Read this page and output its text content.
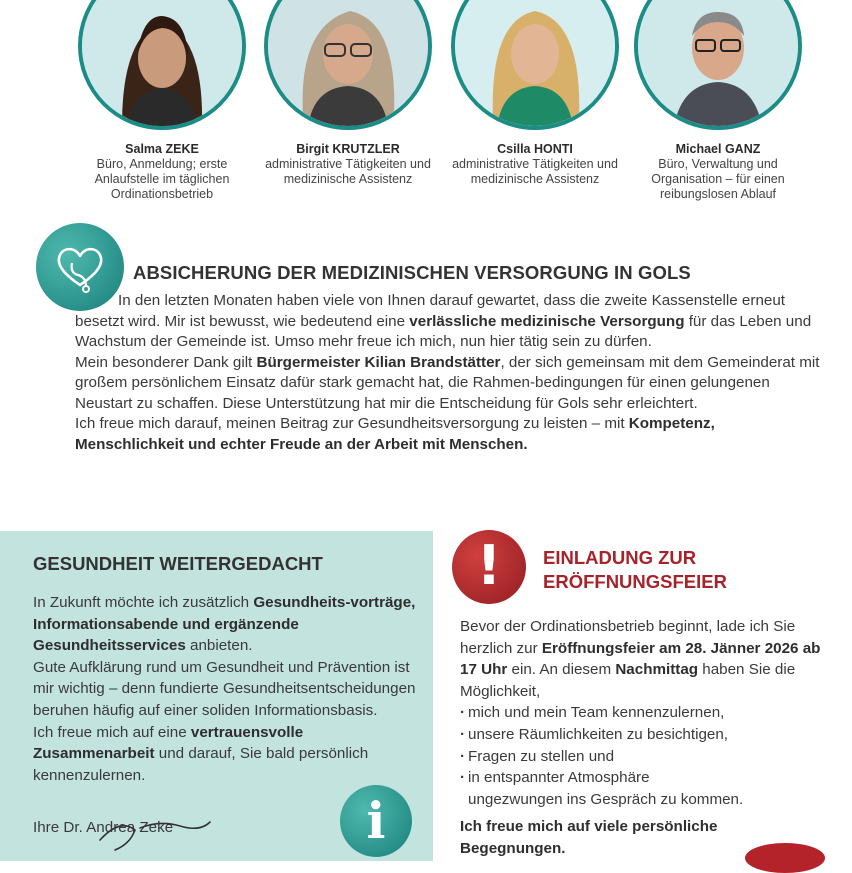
Salma ZEKE
Büro, Anmeldung; erste Anlaufstelle im täglichen Ordinationsbetrieb
Birgit KRUTZLER
administrative Tätigkeiten und medizinische Assistenz
Csilla HONTI
administrative Tätigkeiten und medizinische Assistenz
Michael GANZ
Büro, Verwaltung und Organisation – für einen reibungslosen Ablauf
ABSICHERUNG DER MEDIZINISCHEN VERSORGUNG IN GOLS

In den letzten Monaten haben viele von Ihnen darauf gewartet, dass die zweite Kassenstelle erneut besetzt wird. Mir ist bewusst, wie bedeutend eine verlässliche medizinische Versorgung für das Leben und Wachstum der Gemeinde ist. Umso mehr freue ich mich, nun hier tätig sein zu dürfen.

Mein besonderer Dank gilt Bürgermeister Kilian Brandstätter, der sich gemeinsam mit dem Gemeinderat mit großem persönlichem Einsatz dafür stark gemacht hat, die Rahmen-bedingungen für einen gelungenen Neustart zu schaffen. Diese Unterstützung hat mir die Entscheidung für Gols sehr erleichtert.

Ich freue mich darauf, meinen Beitrag zur Gesundheitsversorgung zu leisten – mit Kompetenz, Menschlichkeit und echter Freude an der Arbeit mit Menschen.

GESUNDHEIT WEITERGEDACHT

In Zukunft möchte ich zusätzlich Gesundheits-vorträge, Informationsabende und ergänzende Gesundheitsservices anbieten.

Gute Aufklärung rund um Gesundheit und Prävention ist mir wichtig – denn fundierte Gesundheitsentscheidungen beruhen häufig auf einer soliden Informationsbasis.

Ich freue mich auf eine vertrauensvolle Zusammenarbeit und darauf, Sie bald persönlich kennenzulernen.

Ihre Dr. Andrea Zeke	i
!	EINLADUNG ZUR
ERÖFFNUNGSFEIER

Bevor der Ordinationsbetrieb beginnt, lade ich Sie herzlich zur Eröffnungsfeier am 28. Jänner 2026 ab 17 Uhr ein. An diesem Nachmittag haben Sie die Möglichkeit,

· mich und mein Team kennenzulernen,
· unsere Räumlichkeiten zu besichtigen,
· Fragen zu stellen und
· in entspannter Atmosphäre
ungezwungen ins Gespräch zu kommen.
Ich freue mich auf viele persönliche Begegnungen.
